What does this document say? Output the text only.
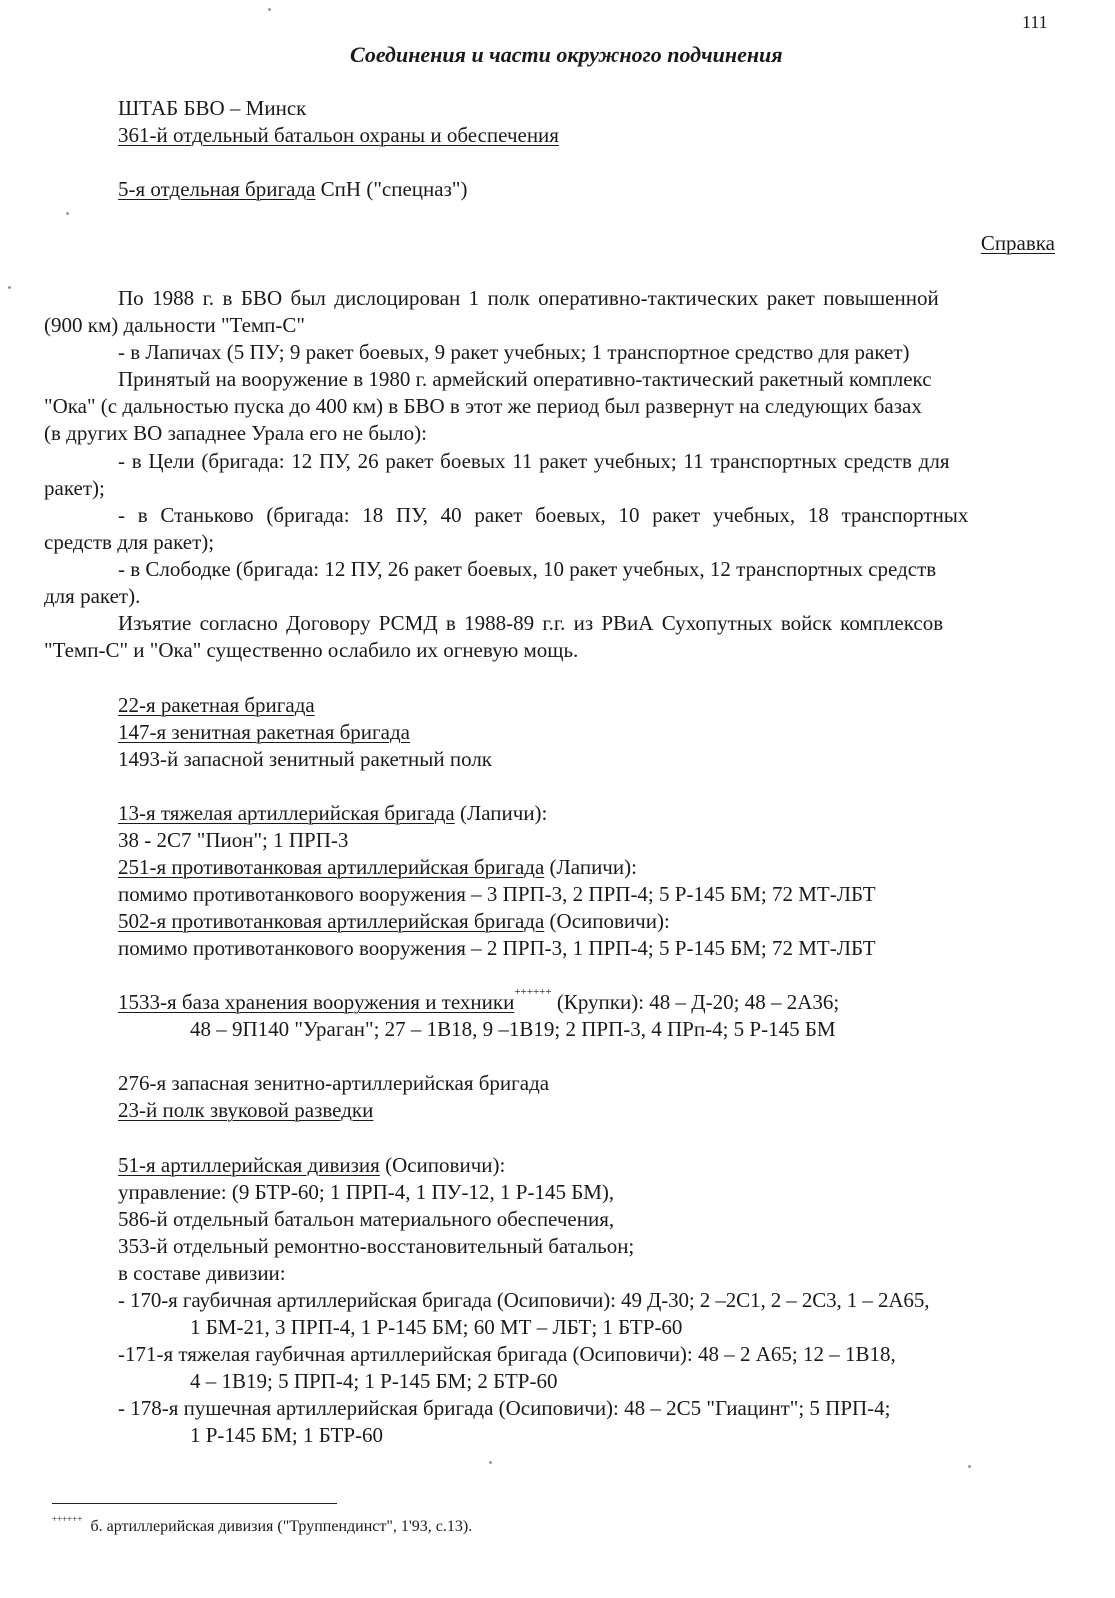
111
Соединения и части окружного подчинения
ШТАБ БВО – Минск
361-й отдельный батальон охраны и обеспечения
5-я отдельная бригада СпН ("спецназ")
Справка
По 1988 г. в БВО был дислоцирован 1 полк оперативно-тактических ракет повышенной
(900 км) дальности "Темп-С"
- в Лапичах (5 ПУ; 9 ракет боевых, 9 ракет учебных; 1 транспортное средство для ракет)
Принятый на вооружение в 1980 г. армейский оперативно-тактический ракетный комплекс
"Ока" (с дальностью пуска до 400 км) в БВО в этот же период был развернут на следующих базах
(в других ВО западнее Урала его не было):
- в Цели (бригада: 12 ПУ, 26 ракет боевых 11 ракет учебных; 11 транспортных средств для
ракет);
- в Станьково (бригада: 18 ПУ, 40 ракет боевых, 10 ракет учебных, 18 транспортных
средств для ракет);
- в Слободке (бригада: 12 ПУ, 26 ракет боевых, 10 ракет учебных, 12 транспортных средств
для ракет).
Изъятие согласно Договору РСМД в 1988-89 г.г. из РВиА Сухопутных войск комплексов
"Темп-С" и "Ока" существенно ослабило их огневую мощь.
22-я ракетная бригада
147-я зенитная ракетная бригада
1493-й запасной зенитный ракетный полк
13-я тяжелая артиллерийская бригада (Лапичи):
38 - 2С7 "Пион"; 1 ПРП-3
251-я противотанковая артиллерийская бригада (Лапичи):
помимо противотанкового вооружения – 3 ПРП-3, 2 ПРП-4; 5 Р-145 БМ; 72 МТ-ЛБТ
502-я противотанковая артиллерийская бригада (Осиповичи):
помимо противотанкового вооружения – 2 ПРП-3, 1 ПРП-4; 5 Р-145 БМ; 72 МТ-ЛБТ
1533-я база хранения вооружения и техники++++++ (Крупки): 48 – Д-20; 48 – 2А36;
48 – 9П140 "Ураган"; 27 – 1В18, 9 –1В19; 2 ПРП-3, 4 ПРп-4; 5 Р-145 БМ
276-я запасная зенитно-артиллерийская бригада
23-й полк звуковой разведки
51-я артиллерийская дивизия (Осиповичи):
управление: (9 БТР-60; 1 ПРП-4, 1 ПУ-12, 1 Р-145 БМ),
586-й отдельный батальон материального обеспечения,
353-й отдельный ремонтно-восстановительный батальон;
в составе дивизии:
- 170-я гаубичная артиллерийская бригада (Осиповичи): 49 Д-30; 2 –2С1, 2 – 2С3, 1 – 2А65,
1 БМ-21, 3 ПРП-4, 1 Р-145 БМ; 60 МТ – ЛБТ; 1 БТР-60
-171-я тяжелая гаубичная артиллерийская бригада (Осиповичи): 48 – 2 А65; 12 – 1В18,
4 – 1В19; 5 ПРП-4; 1 Р-145 БМ; 2 БТР-60
- 178-я пушечная артиллерийская бригада (Осиповичи): 48 – 2С5 "Гиацинт"; 5 ПРП-4;
1 Р-145 БМ; 1 БТР-60
++++++ б. артиллерийская дивизия ("Труппендинст", 1'93, с.13).
